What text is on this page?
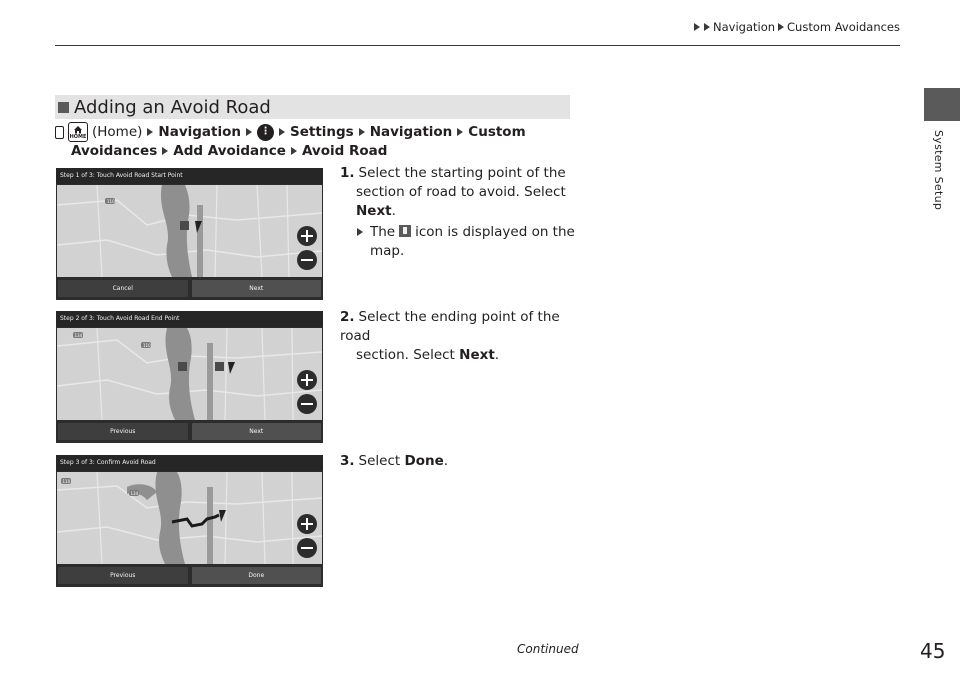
Navigation Custom Avoidances
System Setup
Adding an Avoid Road
HOME (Home) Navigation	⋮ Settings Navigation Custom
Avoidances Add Avoidance Avoid Road
Step 1 of 3: Touch Avoid Road Start Point
110
Cancel	Next
Step 2 of 3: Touch Avoid Road End Point
134
110
Previous	Next
Step 3 of 3: Confirm Avoid Road
110
134
Previous	Done
1. Select the starting point of the
section of road to avoid. Select
Next.
The icon is displayed on the
map.
2. Select the ending point of the road
section. Select Next.
3. Select Done.
Continued	45
